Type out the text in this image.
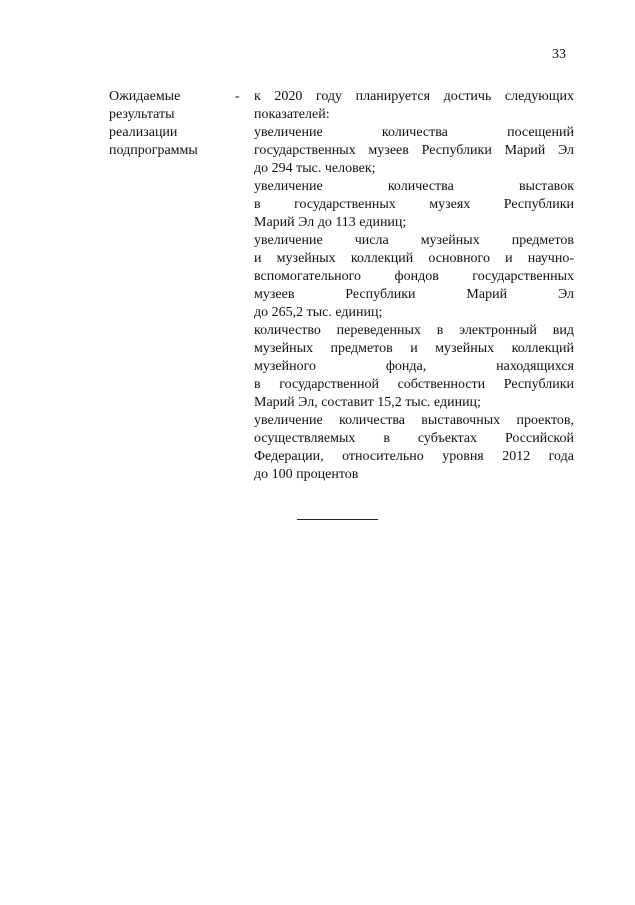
33
Ожидаемые
результаты
реализации
подпрограммы
- к 2020 году планируется достичь следующих
показателей:
увеличение количества посещений
государственных музеев Республики Марий Эл
до 294 тыс. человек;
увеличение количества выставок
в государственных музеях Республики
Марий Эл до 113 единиц;
увеличение числа музейных предметов
и музейных коллекций основного и научно-
вспомогательного фондов государственных
музеев Республики Марий Эл
до 265,2 тыс. единиц;
количество переведенных в электронный вид
музейных предметов и музейных коллекций
музейного фонда, находящихся
в государственной собственности Республики
Марий Эл, составит 15,2 тыс. единиц;
увеличение количества выставочных проектов,
осуществляемых в субъектах Российской
Федерации, относительно уровня 2012 года
до 100 процентов
